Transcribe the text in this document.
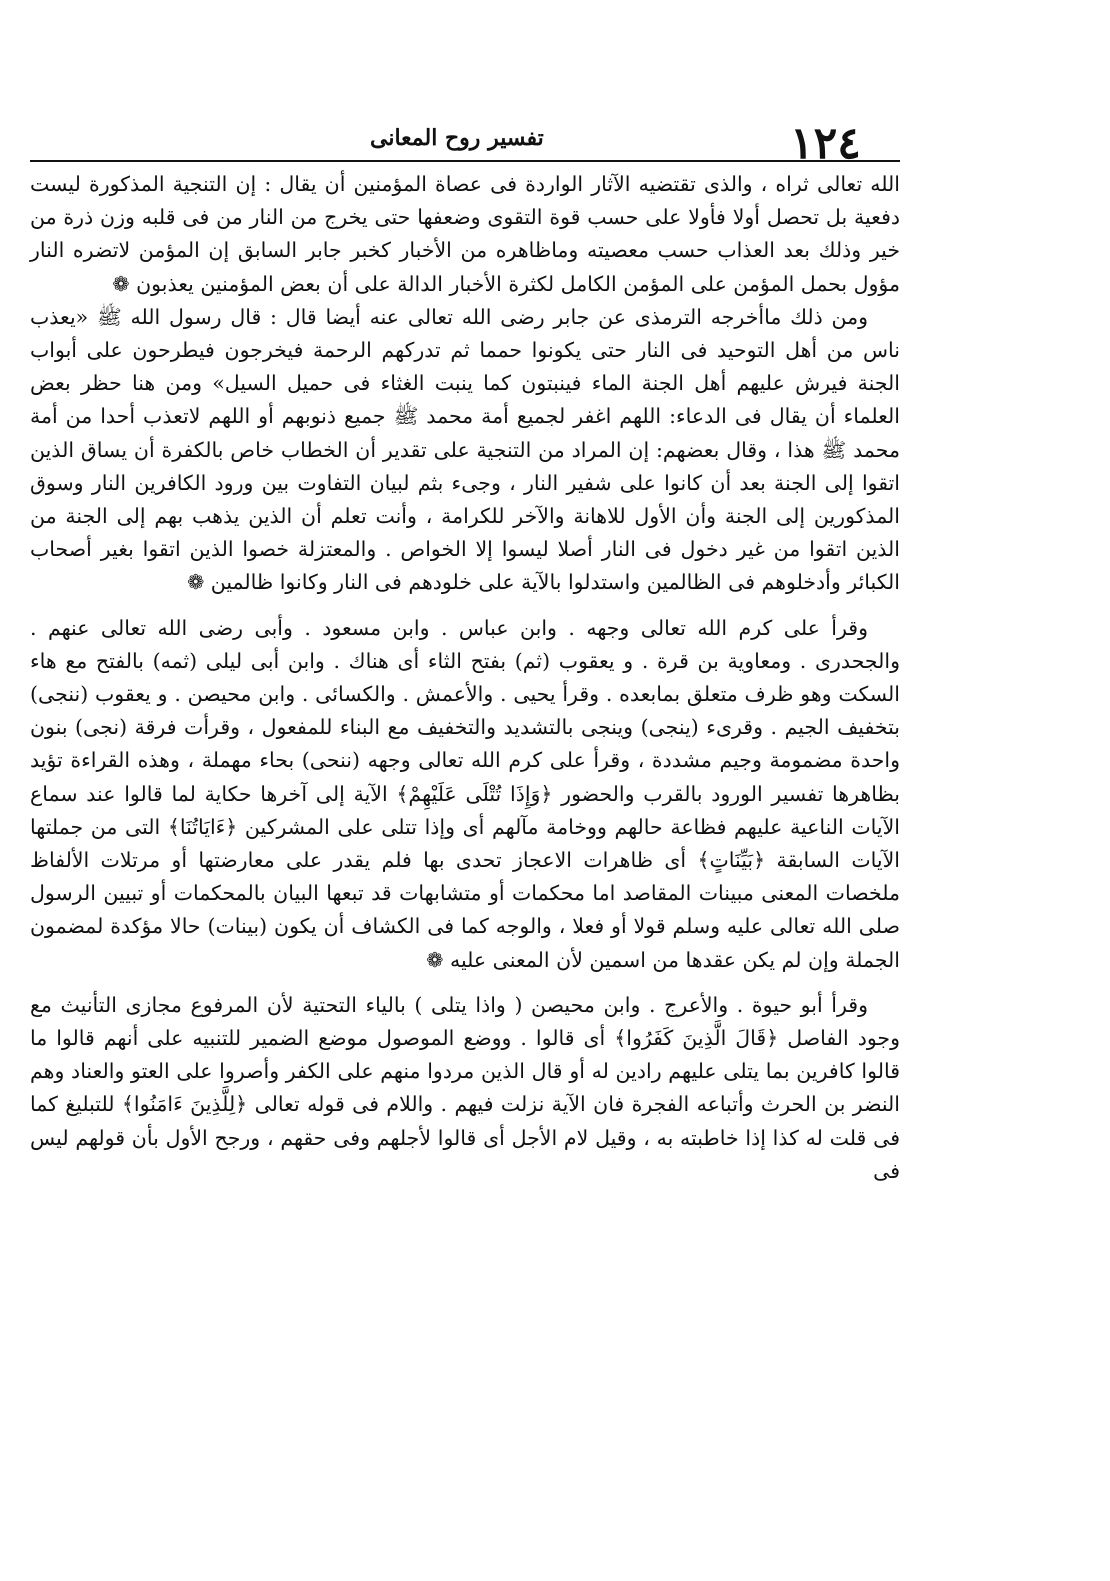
١٢٤
تفسير روح المعانى

الله تعالى ثراه ، والذى تقتضيه الآثار الواردة فى عصاة المؤمنين أن يقال : إن التنجية المذكورة ليست دفعية بل تحصل أولا فأولا على حسب قوة التقوى وضعفها حتى يخرج من النار من فى قلبه وزن ذرة من خير وذلك بعد العذاب حسب معصيته وماظاهره من الأخبار كخبر جابر السابق إن المؤمن لاتضره النار مؤول بحمل المؤمن على المؤمن الكامل لكثرة الأخبار الدالة على أن بعض المؤمنين يعذبون ❁

ومن ذلك ماأخرجه الترمذى عن جابر رضى الله تعالى عنه أيضا قال : قال رسول الله ﷺ «يعذب ناس من أهل التوحيد فى النار حتى يكونوا حمما ثم تدركهم الرحمة فيخرجون فيطرحون على أبواب الجنة فيرش عليهم أهل الجنة الماء فينبتون كما ينبت الغثاء فى حميل السيل» ومن هنا حظر بعض العلماء أن يقال فى الدعاء: اللهم اغفر لجميع أمة محمد ﷺ جميع ذنوبهم أو اللهم لاتعذب أحدا من أمة محمد ﷺ هذا ، وقال بعضهم: إن المراد من التنجية على تقدير أن الخطاب خاص بالكفرة أن يساق الذين اتقوا إلى الجنة بعد أن كانوا على شفير النار ، وجىء بثم لبيان التفاوت بين ورود الكافرين النار وسوق المذكورين إلى الجنة وأن الأول للاهانة والآخر للكرامة ، وأنت تعلم أن الذين يذهب بهم إلى الجنة من الذين اتقوا من غير دخول فى النار أصلا ليسوا إلا الخواص . والمعتزلة خصوا الذين اتقوا بغير أصحاب الكبائر وأدخلوهم فى الظالمين واستدلوا بالآية على خلودهم فى النار وكانوا ظالمين ❁

وقرأ على كرم الله تعالى وجهه . وابن عباس . وابن مسعود . وأبى رضى الله تعالى عنهم . والجحدرى . ومعاوية بن قرة . و يعقوب (ثم) بفتح الثاء أى هناك . وابن أبى ليلى (ثمه) بالفتح مع هاء السكت وهو ظرف متعلق بمابعده . وقرأ يحيى . والأعمش . والكسائى . وابن محيصن . و يعقوب (ننجى) بتخفيف الجيم . وقرىء (ينجى) وينجى بالتشديد والتخفيف مع البناء للمفعول ، وقرأت فرقة (نجى) بنون واحدة مضمومة وجيم مشددة ، وقرأ على كرم الله تعالى وجهه (ننحى) بحاء مهملة ، وهذه القراءة تؤيد بظاهرها تفسير الورود بالقرب والحضور ﴿وَإِذَا تُتْلَى عَلَيْهِمْ﴾ الآية إلى آخرها حكاية لما قالوا عند سماع الآيات الناعية عليهم فظاعة حالهم ووخامة مآلهم أى وإذا تتلى على المشركين ﴿ءَايَاتُنَا﴾ التى من جملتها الآيات السابقة ﴿بَيِّنَاتٍ﴾ أى ظاهرات الاعجاز تحدى بها فلم يقدر على معارضتها أو مرتلات الألفاظ ملخصات المعنى مبينات المقاصد اما محكمات أو متشابهات قد تبعها البيان بالمحكمات أو تبيين الرسول صلى الله تعالى عليه وسلم قولا أو فعلا ، والوجه كما فى الكشاف أن يكون (بينات) حالا مؤكدة لمضمون الجملة وإن لم يكن عقدها من اسمين لأن المعنى عليه ❁

وقرأ أبو حيوة . والأعرج . وابن محيصن ( واذا يتلى ) بالياء التحتية لأن المرفوع مجازى التأنيث مع وجود الفاصل ﴿قَالَ الَّذِينَ كَفَرُوا﴾ أى قالوا . ووضع الموصول موضع الضمير للتنبيه على أنهم قالوا ما قالوا كافرين بما يتلى عليهم رادين له أو قال الذين مردوا منهم على الكفر وأصروا على العتو والعناد وهم النضر بن الحرث وأتباعه الفجرة فان الآية نزلت فيهم . واللام فى قوله تعالى ﴿لِلَّذِينَ ءَامَنُوا﴾ للتبليغ كما فى قلت له كذا إذا خاطبته به ، وقيل لام الأجل أى قالوا لأجلهم وفى حقهم ، ورجح الأول بأن قولهم ليس فى
